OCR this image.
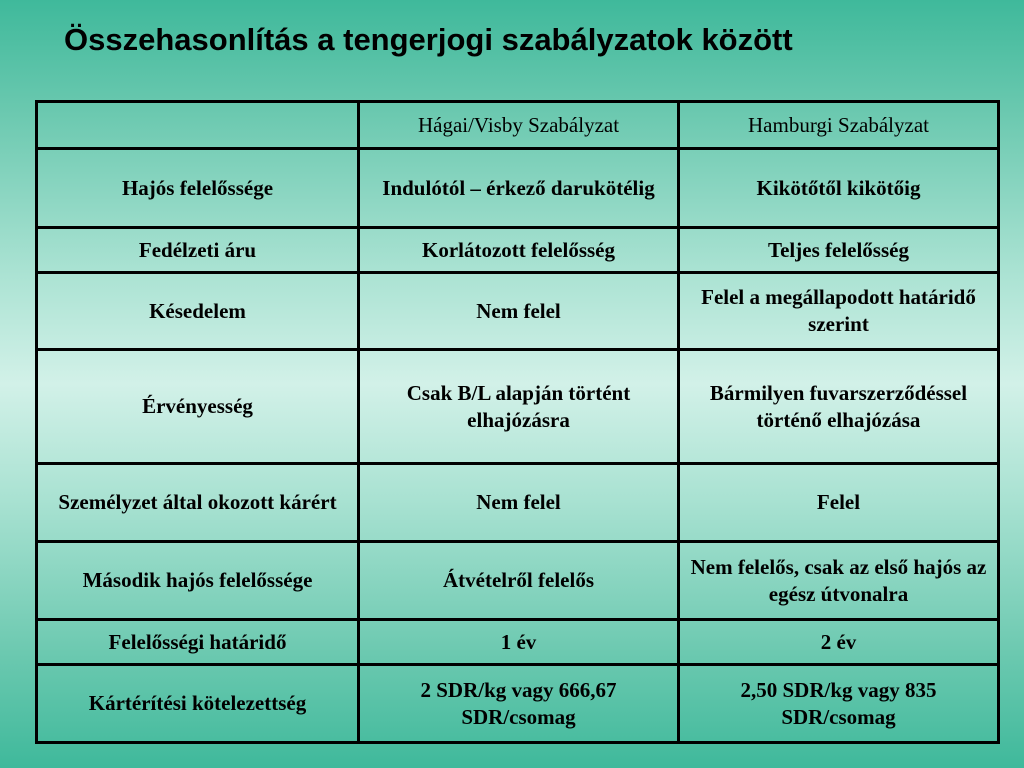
Összehasonlítás a tengerjogi szabályzatok között
	Hágai/Visby Szabályzat	Hamburgi Szabályzat
Hajós felelőssége	Indulótól – érkező darukötélig	Kikötőtől kikötőig
Fedélzeti áru	Korlátozott felelősség	Teljes felelősség
Késedelem	Nem felel	Felel a megállapodott határidő szerint
Érvényesség	Csak B/L alapján történt elhajózásra	Bármilyen fuvarszerződéssel történő elhajózása
Személyzet által okozott kárért	Nem felel	Felel
Második hajós felelőssége	Átvételről felelős	Nem felelős, csak az első hajós az egész útvonalra
Felelősségi határidő	1 év	2 év
Kártérítési kötelezettség	2 SDR/kg vagy 666,67 SDR/csomag	2,50 SDR/kg vagy 835 SDR/csomag
